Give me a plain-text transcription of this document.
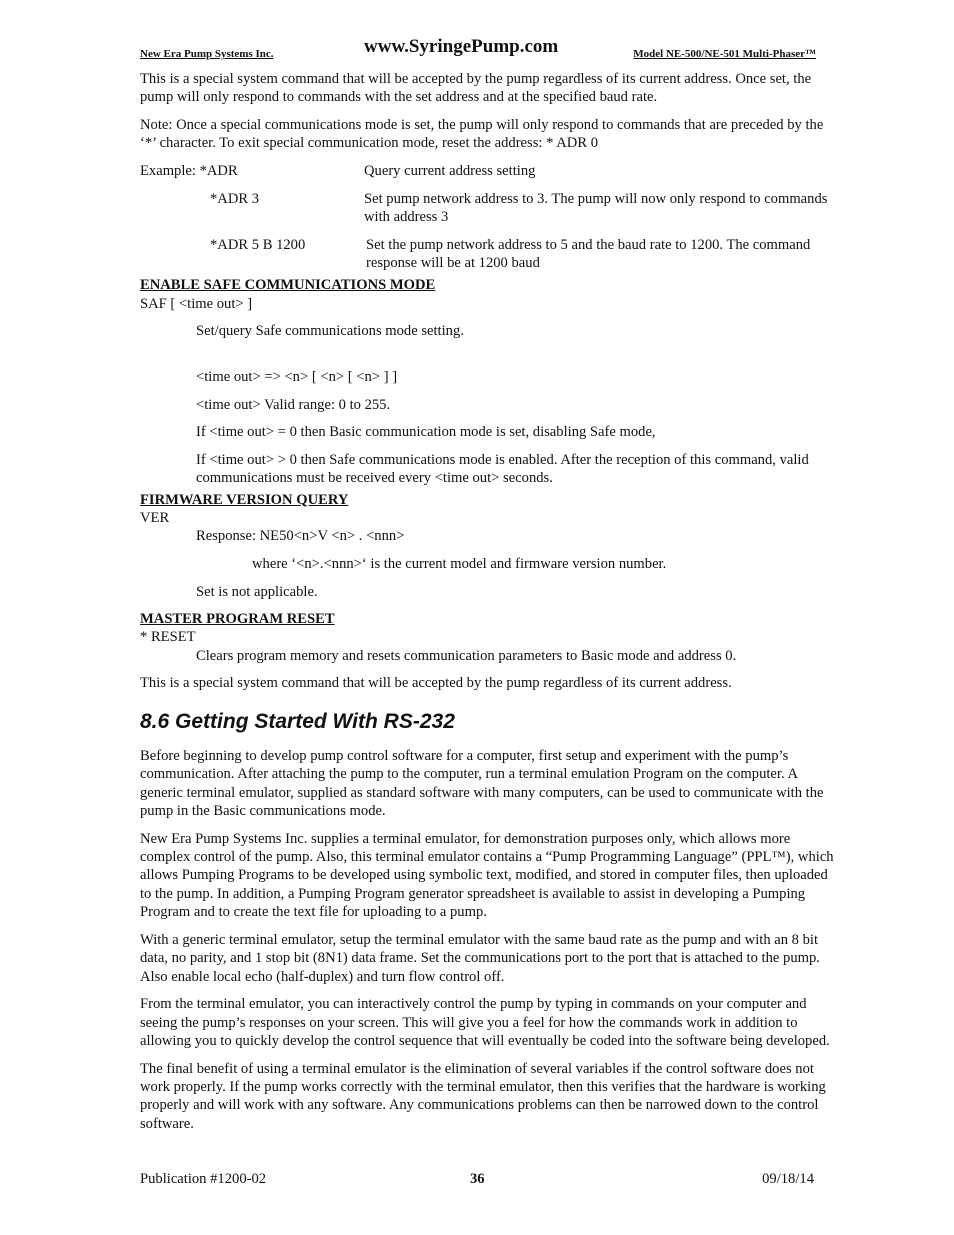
New Era Pump Systems Inc.	www.SyringePump.com	Model NE-500/NE-501 Multi-Phaser™

This is a special system command that will be accepted by the pump regardless of its current address. Once set, the pump will only respond to commands with the set address and at the specified baud rate.

Note: Once a special communications mode is set, the pump will only respond to commands that are preceded by the ‘*’ character. To exit special communication mode, reset the address: * ADR 0

Example: *ADR	Query current address setting
*ADR 3	Set pump network address to 3. The pump will now only respond to commands with address 3
*ADR 5 B 1200	Set the pump network address to 5 and the baud rate to 1200. The command response will be at 1200 baud
ENABLE SAFE COMMUNICATIONS MODE

SAF [ <time out> ]

Set/query Safe communications mode setting.

<time out> => <n> [ <n> [ <n> ] ]

<time out> Valid range: 0 to 255.

If <time out> = 0 then Basic communication mode is set, disabling Safe mode,

If <time out> > 0 then Safe communications mode is enabled. After the reception of this command, valid communications must be received every <time out> seconds.

FIRMWARE VERSION QUERY

VER

Response: NE50<n>V <n> . <nnn>

where ‘<n>.<nnn>‘ is the current model and firmware version number.

Set is not applicable.

MASTER PROGRAM RESET

* RESET

Clears program memory and resets communication parameters to Basic mode and address 0.

This is a special system command that will be accepted by the pump regardless of its current address.

8.6 Getting Started With RS-232

Before beginning to develop pump control software for a computer, first setup and experiment with the pump’s communication. After attaching the pump to the computer, run a terminal emulation Program on the computer. A generic terminal emulator, supplied as standard software with many computers, can be used to communicate with the pump in the Basic communications mode.

New Era Pump Systems Inc. supplies a terminal emulator, for demonstration purposes only, which allows more complex control of the pump. Also, this terminal emulator contains a “Pump Programming Language” (PPL™), which allows Pumping Programs to be developed using symbolic text, modified, and stored in computer files, then uploaded to the pump. In addition, a Pumping Program generator spreadsheet is available to assist in developing a Pumping Program and to create the text file for uploading to a pump.

With a generic terminal emulator, setup the terminal emulator with the same baud rate as the pump and with an 8 bit data, no parity, and 1 stop bit (8N1) data frame. Set the communications port to the port that is attached to the pump. Also enable local echo (half-duplex) and turn flow control off.

From the terminal emulator, you can interactively control the pump by typing in commands on your computer and seeing the pump’s responses on your screen. This will give you a feel for how the commands work in addition to allowing you to quickly develop the control sequence that will eventually be coded into the software being developed.

The final benefit of using a terminal emulator is the elimination of several variables if the control software does not work properly. If the pump works correctly with the terminal emulator, then this verifies that the hardware is working properly and will work with any software. Any communications problems can then be narrowed down to the control software.

Publication #1200-02	36	09/18/14
